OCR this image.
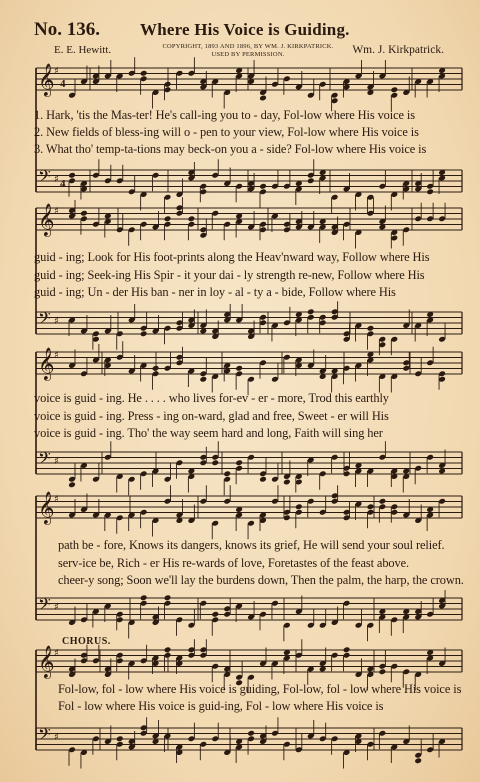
No. 136. Where His Voice is Guiding.
E. E. Hewitt.	COPYRIGHT, 1893 AND 1896, BY WM. J. KIRKPATRICK.
USED BY PERMISSION.	Wm. J. Kirkpatrick.
𝄞 ♯
𝄢 ♯
𝄞 ♯
𝄢 ♯
𝄞 ♯
𝄢 ♯
𝄞 ♯
𝄢 ♯
𝄞 ♯
𝄢 ♯
4
4
1. Hark, 'tis the Mas-ter! He's call-ing you to - day, Fol-low where His voice is
2. New fields of bless-ing will o - pen to your view, Fol-low where His voice is
3. What tho' temp-ta-tions may beck-on you a - side? Fol-low where His voice is
guid - ing; Look for His foot-prints along the Heav'nward way, Follow where His
guid - ing; Seek-ing His Spir - it your dai - ly strength re-new, Follow where His
guid - ing; Un - der His ban - ner in loy - al - ty a - bide, Follow where His
voice is guid - ing. He . . . . who lives for-ev - er - more, Trod this earthly
voice is guid - ing. Press - ing on-ward, glad and free, Sweet - er will His
voice is guid - ing. Tho' the way seem hard and long, Faith will sing her
path be - fore, Knows its dangers, knows its grief, He will send your soul relief.
serv-ice be, Rich - er His re-wards of love, Foretastes of the feast above.
cheer-y song; Soon we'll lay the burdens down, Then the palm, the harp, the crown.
CHORUS.
Fol-low, fol - low where His voice is guiding, Fol-low, fol - low where His voice is
Fol - low where His voice is guid-ing, Fol - low where His voice is
